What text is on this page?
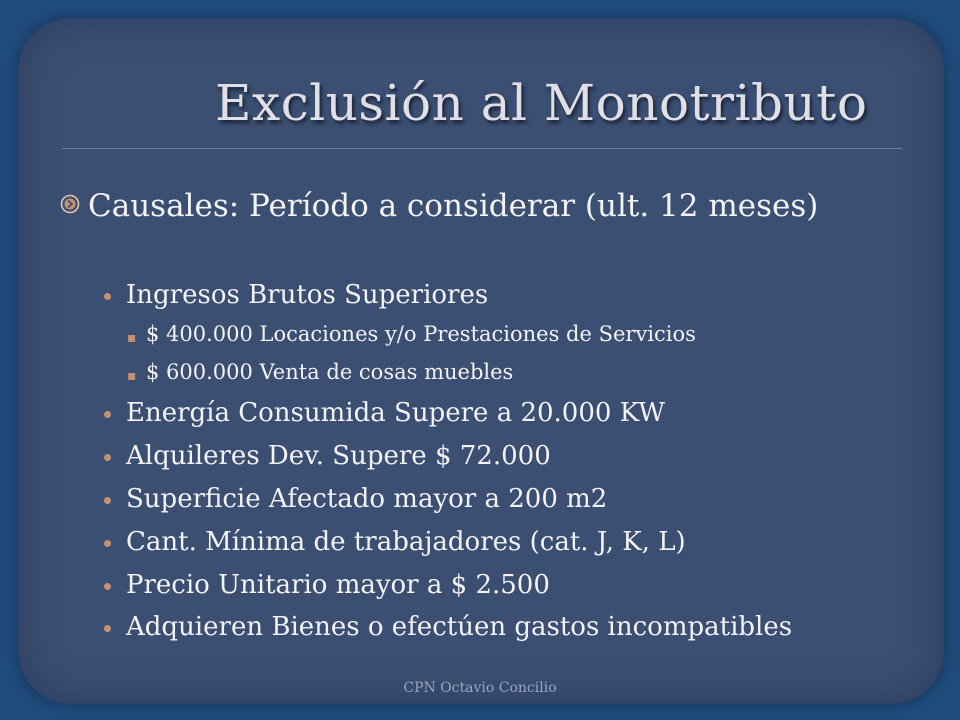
Exclusión al Monotributo
Causales: Período a considerar (ult. 12 meses)
Ingresos Brutos Superiores
▪ $ 400.000 Locaciones y/o Prestaciones de Servicios
▪ $ 600.000 Venta de cosas muebles
Energía Consumida Supere a 20.000 KW
Alquileres Dev. Supere $ 72.000
Superficie Afectado mayor a 200 m2
Cant. Mínima de trabajadores (cat. J, K, L)
Precio Unitario mayor a $ 2.500
Adquieren Bienes o efectúen gastos incompatibles
CPN Octavio Concilio
